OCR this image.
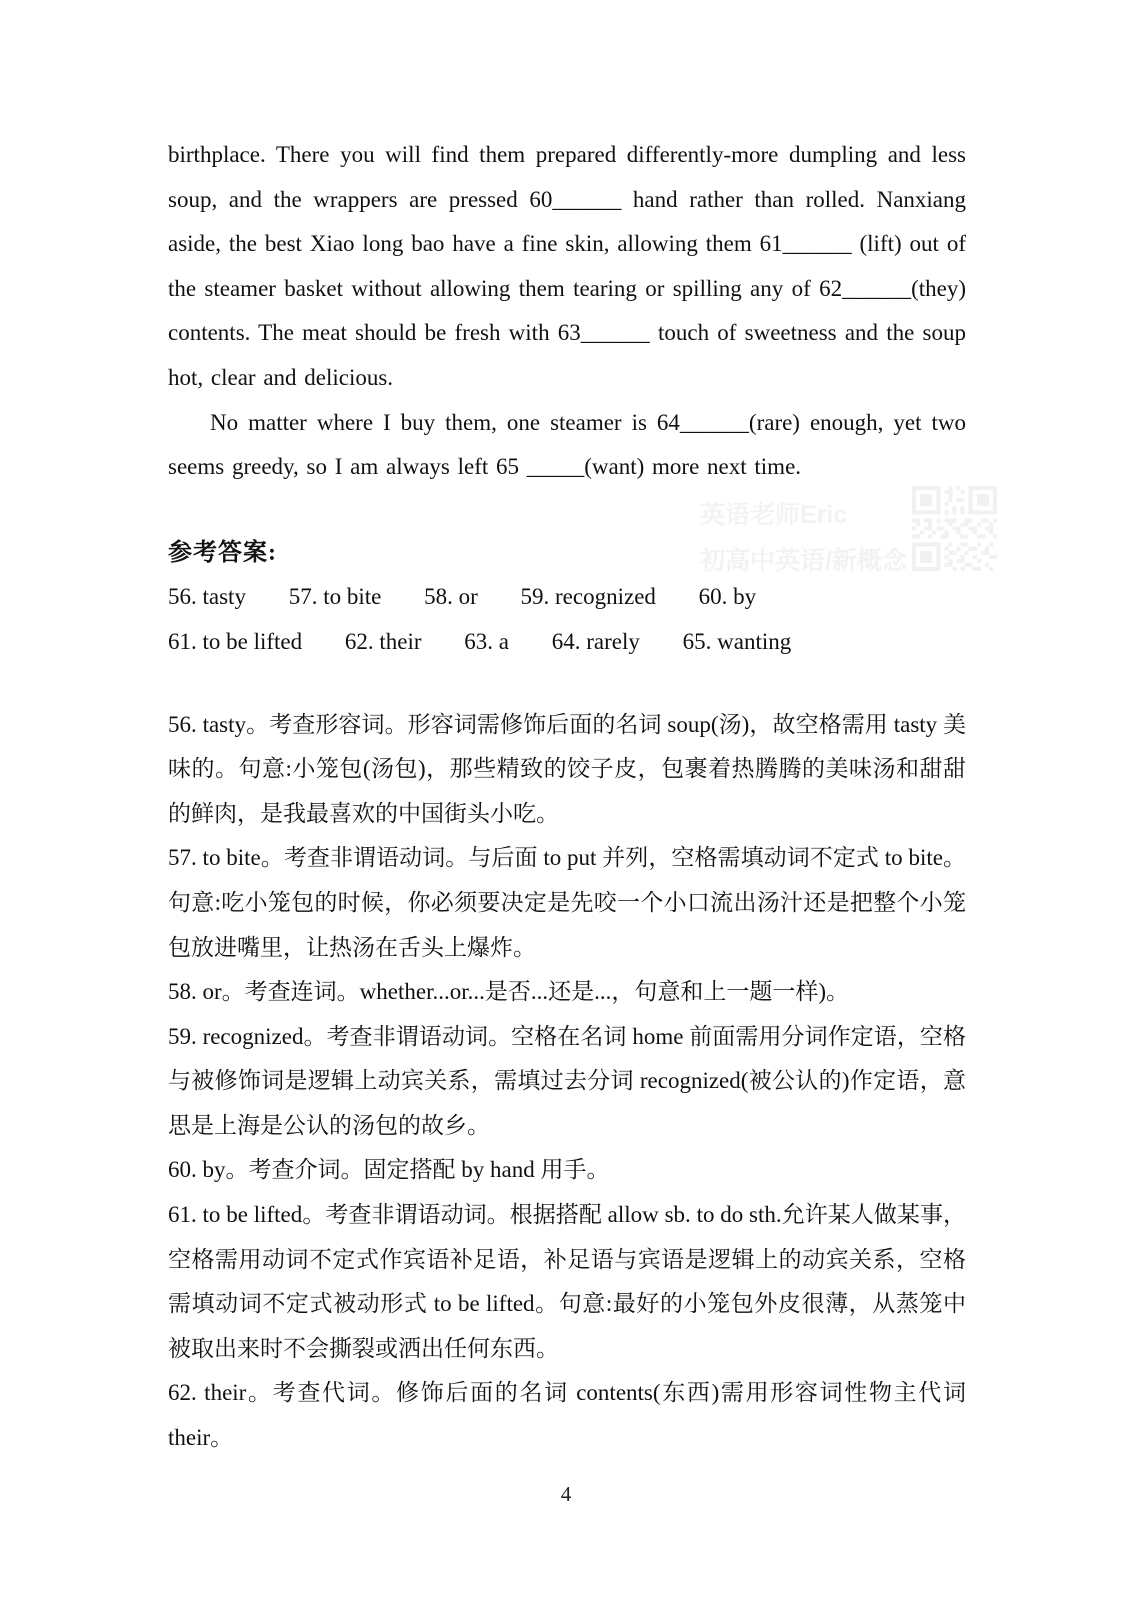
birthplace. There you will find them prepared differently-more dumpling and less soup, and the wrappers are pressed 60______ hand rather than rolled. Nanxiang aside, the best Xiao long bao have a fine skin, allowing them 61______ (lift) out of the steamer basket without allowing them tearing or spilling any of 62______(they) contents. The meat should be fresh with 63______ touch of sweetness and the soup hot, clear and delicious.

No matter where I buy them, one steamer is 64______(rare) enough, yet two seems greedy, so I am always left 65 _____(want) more next time.

参考答案:

56. tasty 57. to bite 58. or 59. recognized 60. by

61. to be lifted 62. their 63. a 64. rarely 65. wanting

56. tasty。考查形容词。形容词需修饰后面的名词 soup(汤)，故空格需用 tasty 美味的。句意:小笼包(汤包)，那些精致的饺子皮，包裹着热腾腾的美味汤和甜甜的鲜肉，是我最喜欢的中国街头小吃。

57. to bite。考查非谓语动词。与后面 to put 并列，空格需填动词不定式 to bite。句意:吃小笼包的时候，你必须要决定是先咬一个小口流出汤汁还是把整个小笼包放进嘴里，让热汤在舌头上爆炸。

58. or。考查连词。whether...or...是否...还是...，句意和上一题一样)。

59. recognized。考查非谓语动词。空格在名词 home 前面需用分词作定语，空格与被修饰词是逻辑上动宾关系，需填过去分词 recognized(被公认的)作定语，意思是上海是公认的汤包的故乡。

60. by。考查介词。固定搭配 by hand 用手。

61. to be lifted。考查非谓语动词。根据搭配 allow sb. to do sth.允许某人做某事，空格需用动词不定式作宾语补足语，补足语与宾语是逻辑上的动宾关系，空格需填动词不定式被动形式 to be lifted。句意:最好的小笼包外皮很薄，从蒸笼中被取出来时不会撕裂或洒出任何东西。

62. their。考查代词。修饰后面的名词 contents(东西)需用形容词性物主代词 their。

英语老师Eric
初高中英语/新概念
4
